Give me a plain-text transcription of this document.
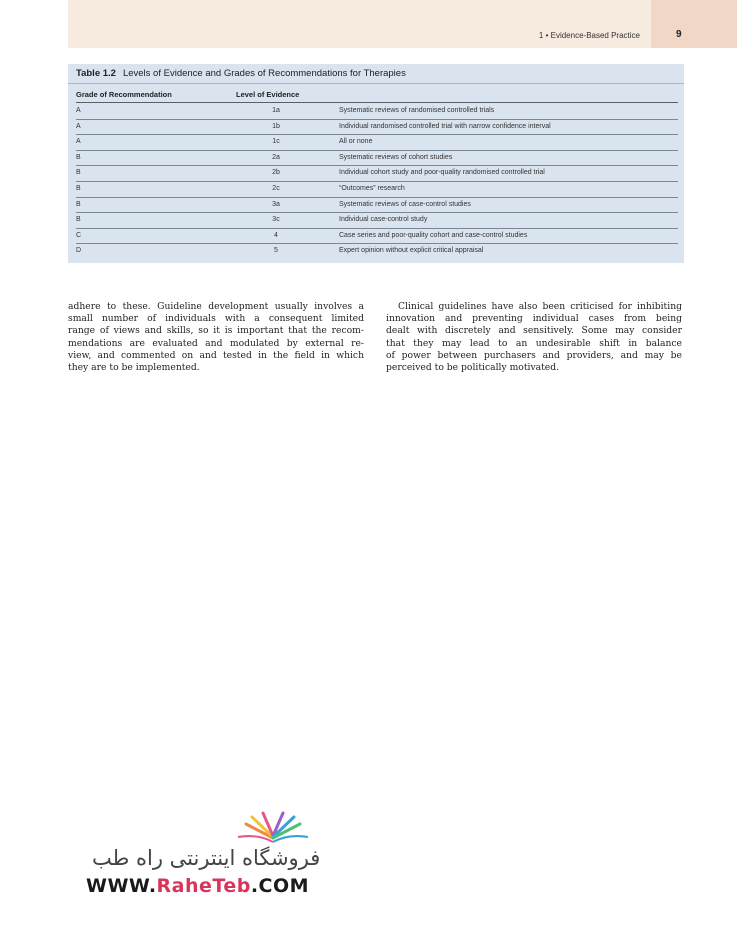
1 • Evidence-Based Practice	9
Table 1.2 Levels of Evidence and Grades of Recommendations for Therapies
Grade of Recommendation	Level of Evidence
A	1a	Systematic reviews of randomised controlled trials
A	1b	Individual randomised controlled trial with narrow confidence interval
A	1c	All or none
B	2a	Systematic reviews of cohort studies
B	2b	Individual cohort study and poor-quality randomised controlled trial
B	2c	“Outcomes” research
B	3a	Systematic reviews of case-control studies
B	3c	Individual case-control study
C	4	Case series and poor-quality cohort and case-control studies
D	5	Expert opinion without explicit critical appraisal
adhere to these. Guideline development usually involves a
small number of individuals with a consequent limited
range of views and skills, so it is important that the recom-
mendations are evaluated and modulated by external re-
view, and commented on and tested in the field in which
they are to be implemented.
Clinical guidelines have also been criticised for inhibiting
innovation and preventing individual cases from being
dealt with discretely and sensitively. Some may consider
that they may lead to an undesirable shift in balance
of power between purchasers and providers, and may be
perceived to be politically motivated.
فروشگاه اینترنتی راه طب
WWW.RaheTeb.COM
